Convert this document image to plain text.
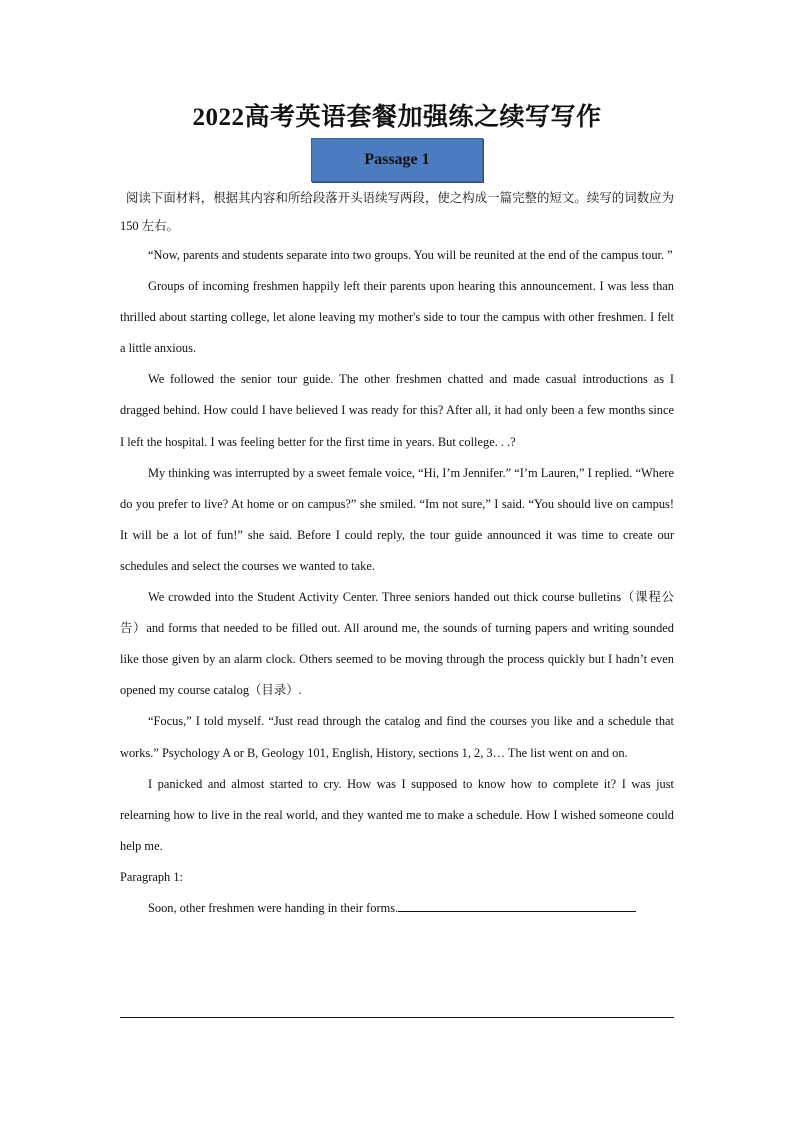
2022高考英语套餐加强练之续写写作
Passage 1

阅读下面材料，根据其内容和所给段落开头语续写两段，使之构成一篇完整的短文。续写的词数应为 150 左右。

“Now, parents and students separate into two groups. You will be reunited at the end of the campus tour. ”

Groups of incoming freshmen happily left their parents upon hearing this announcement. I was less than thrilled about starting college, let alone leaving my mother's side to tour the campus with other freshmen. I felt a little anxious.

We followed the senior tour guide. The other freshmen chatted and made casual introductions as I dragged behind. How could I have believed I was ready for this? After all, it had only been a few months since I left the hospital. I was feeling better for the first time in years. But college. . .?

My thinking was interrupted by a sweet female voice, “Hi, I’m Jennifer.” “I’m Lauren,” I replied. “Where do you prefer to live? At home or on campus?” she smiled. “Im not sure,” I said. “You should live on campus! It will be a lot of fun!” she said. Before I could reply, the tour guide announced it was time to create our schedules and select the courses we wanted to take.

We crowded into the Student Activity Center. Three seniors handed out thick course bulletins（课程公告）and forms that needed to be filled out. All around me, the sounds of turning papers and writing sounded like those given by an alarm clock. Others seemed to be moving through the process quickly but I hadn’t even opened my course catalog（目录）.

“Focus,” I told myself. “Just read through the catalog and find the courses you like and a schedule that works.” Psychology A or B, Geology 101, English, History, sections 1, 2, 3… The list went on and on.

I panicked and almost started to cry. How was I supposed to know how to complete it? I was just relearning how to live in the real world, and they wanted me to make a schedule. How I wished someone could help me.

Paragraph 1:

Soon, other freshmen were handing in their forms.
